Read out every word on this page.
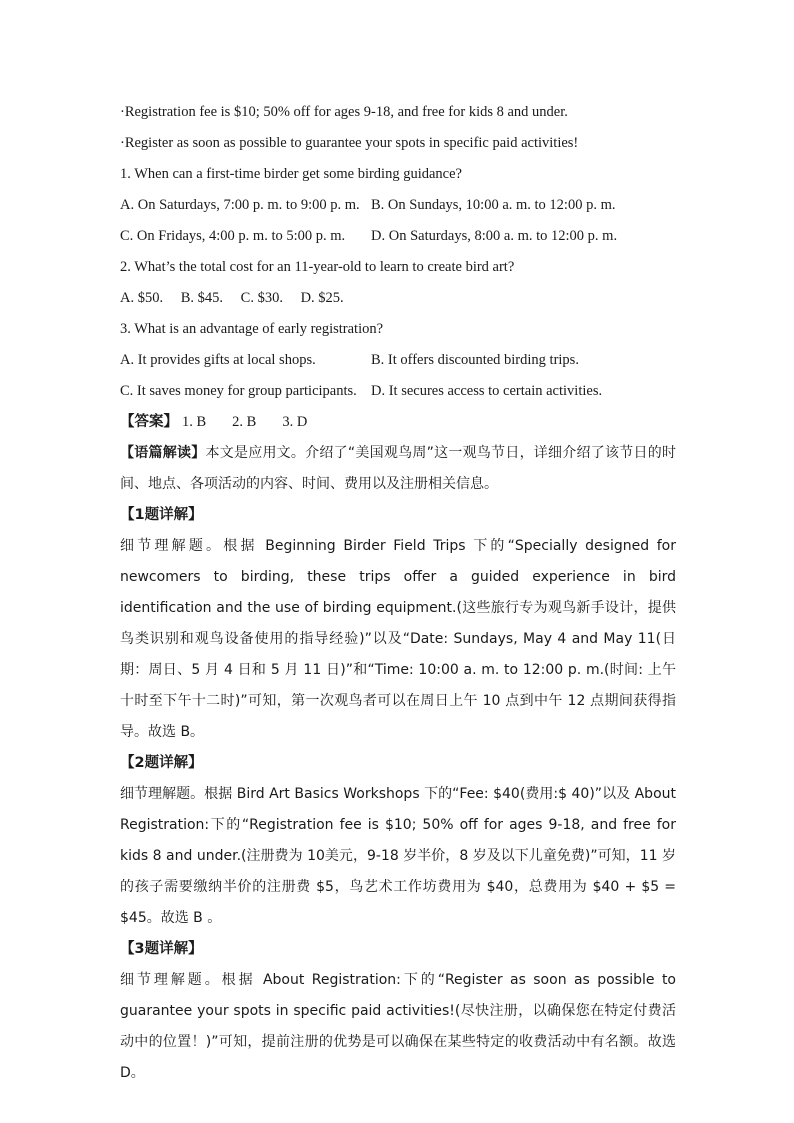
·Registration fee is $10; 50% off for ages 9-18, and free for kids 8 and under.

·Register as soon as possible to guarantee your spots in specific paid activities!

1. When can a first-time birder get some birding guidance?

A. On Saturdays, 7:00 p. m. to 9:00 p. m. B. On Sundays, 10:00 a. m. to 12:00 p. m.
C. On Fridays, 4:00 p. m. to 5:00 p. m.	D. On Saturdays, 8:00 a. m. to 12:00 p. m.

2. What’s the total cost for an 11-year-old to learn to create bird art?

A. $50. B. $45. C. $30. D. $25.

3. What is an advantage of early registration?

A. It provides gifts at local shops.	B. It offers discounted birding trips.
C. It saves money for group participants. D. It secures access to certain activities.
【答案】 1. B 2. B 3. D

【语篇解读】本文是应用文。介绍了“美国观鸟周”这一观鸟节日，详细介绍了该节日的时间、地点、各项活动的内容、时间、费用以及注册相关信息。

【1题详解】

细节理解题。根据 Beginning Birder Field Trips 下的“Specially designed for newcomers to birding, these trips offer a guided experience in bird identification and the use of birding equipment.(这些旅行专为观鸟新手设计，提供鸟类识别和观鸟设备使用的指导经验)”以及“Date: Sundays, May 4 and May 11(日期：周日、5 月 4 日和 5 月 11 日)”和“Time: 10:00 a. m. to 12:00 p. m.(时间: 上午十时至下午十二时)”可知，第一次观鸟者可以在周日上午 10 点到中午 12 点期间获得指导。故选 B。

【2题详解】

细节理解题。根据 Bird Art Basics Workshops 下的“Fee: $40(费用:$ 40)”以及 About Registration:下的“Registration fee is $10; 50% off for ages 9-18, and free for kids 8 and under.(注册费为 10美元，9-18 岁半价，8 岁及以下儿童免费)”可知，11 岁的孩子需要缴纳半价的注册费 $5，鸟艺术工作坊费用为 $40，总费用为 $40 + $5 = $45。故选 B 。

【3题详解】

细节理解题。根据 About Registration:下的“Register as soon as possible to guarantee your spots in specific paid activities!(尽快注册，以确保您在特定付费活动中的位置！)”可知，提前注册的优势是可以确保在某些特定的收费活动中有名额。故选 D。
